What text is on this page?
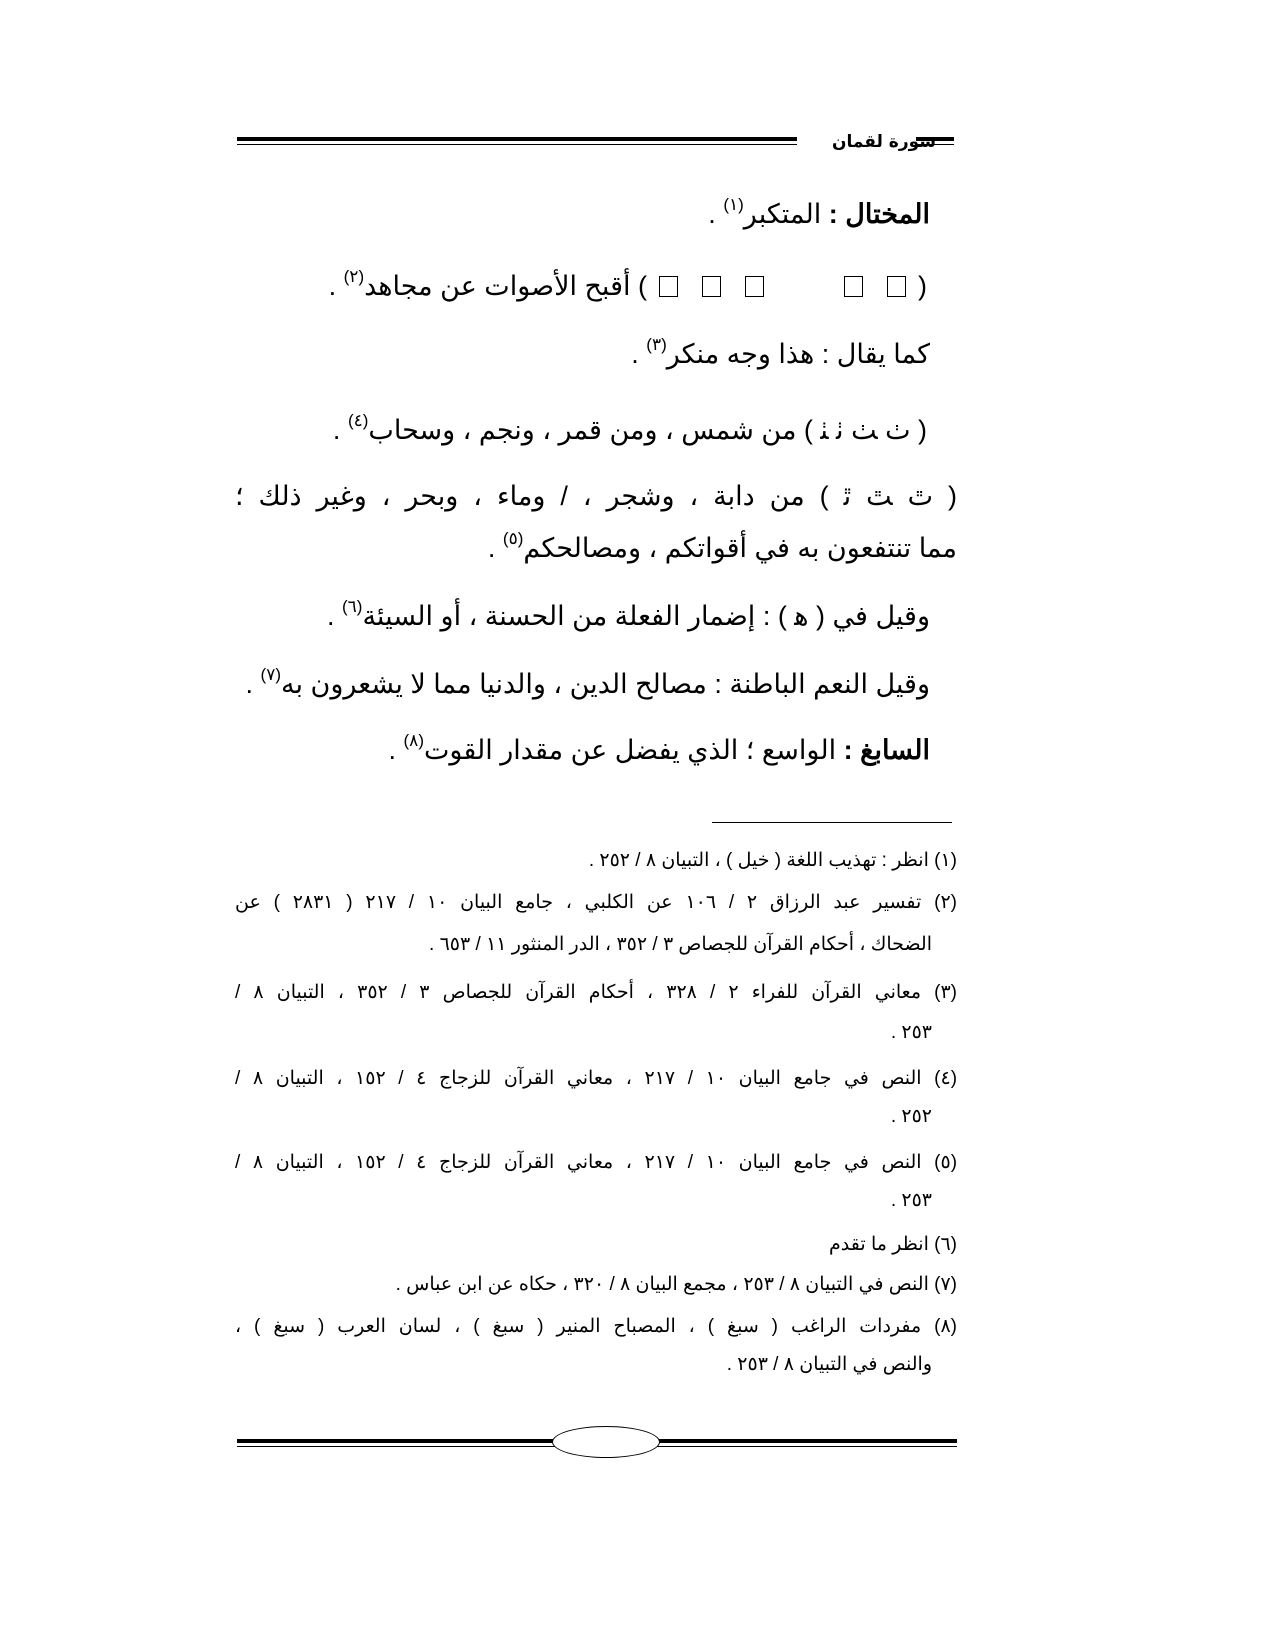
سورة لقمان
المختال : المتكبر$^{(١)}$ .
() أقبح الأصوات عن مجاهد$^{(٢)}$ .
كما يقال : هذا وجه منكر$^{(٣)}$ .
( ﭞ ﭟ ﭠ ﭡ ) من شمس ، ومن قمر ، ونجم ، وسحاب$^{(٤)}$ .
( ﭢ ﭣ ﭤ ) من دابة ، وشجر ، / وماء ، وبحر ، وغير ذلك ؛
مما تنتفعون به في أقواتكم ، ومصالحكم$^{(٥)}$ .
وقيل في ( ﮬ ) : إضمار الفعلة من الحسنة ، أو السيئة$^{(٦)}$ .
وقيل النعم الباطنة : مصالح الدين ، والدنيا مما لا يشعرون به$^{(٧)}$ .
السابغ : الواسع ؛ الذي يفضل عن مقدار القوت$^{(٨)}$ .
(١) انظر : تهذيب اللغة ( خيل ) ، التبيان ٨ / ٢٥٢ .
(٢) تفسير عبد الرزاق ٢ / ١٠٦ عن الكلبي ، جامع البيان ١٠ / ٢١٧ ( ٢٨٣١ ) عن
الضحاك ، أحكام القرآن للجصاص ٣ / ٣٥٢ ، الدر المنثور ١١ / ٦٥٣ .
(٣) معاني القرآن للفراء ٢ / ٣٢٨ ، أحكام القرآن للجصاص ٣ / ٣٥٢ ، التبيان ٨ /
٢٥٣ .
(٤) النص في جامع البيان ١٠ / ٢١٧ ، معاني القرآن للزجاج ٤ / ١٥٢ ، التبيان ٨ /
٢٥٢ .
(٥) النص في جامع البيان ١٠ / ٢١٧ ، معاني القرآن للزجاج ٤ / ١٥٢ ، التبيان ٨ /
٢٥٣ .
(٦) انظر ما تقدم
(٧) النص في التبيان ٨ / ٢٥٣ ، مجمع البيان ٨ / ٣٢٠ ، حكاه عن ابن عباس .
(٨) مفردات الراغب ( سبغ ) ، المصباح المنير ( سبغ ) ، لسان العرب ( سبغ ) ،
والنص في التبيان ٨ / ٢٥٣ .
